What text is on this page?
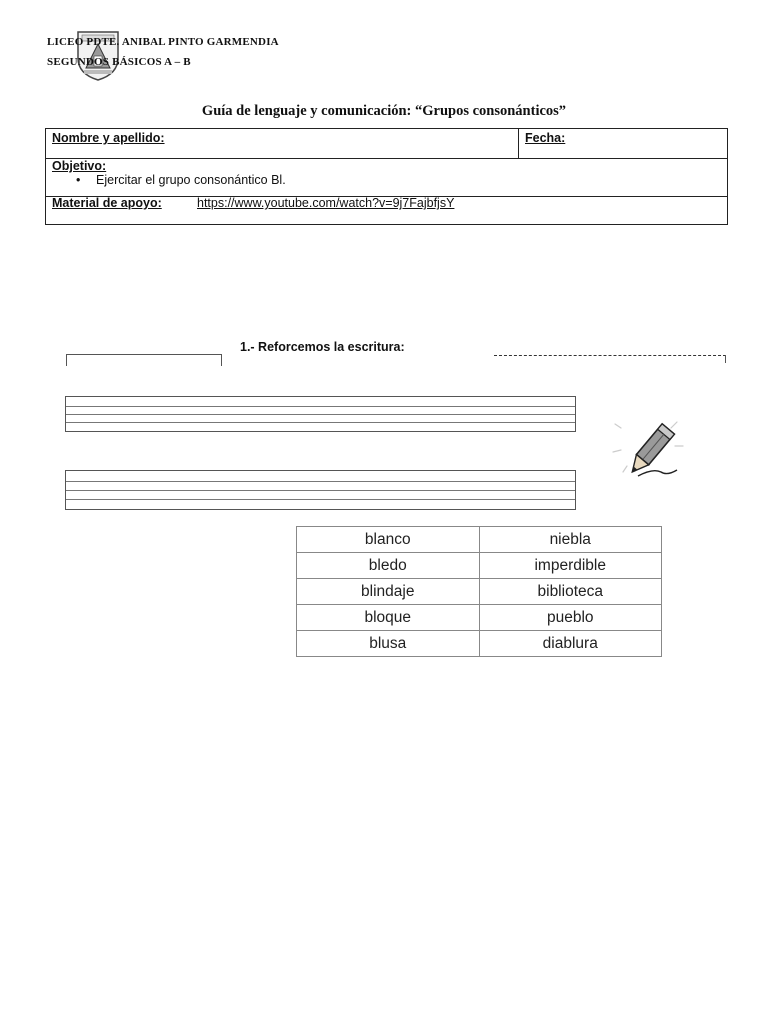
LICEO PDTE. ANIBAL PINTO GARMENDIA
SEGUNDOS BÁSICOS A – B
Guía de lenguaje y comunicación: “Grupos consonánticos”
Nombre y apellido:	Fecha:
Objetivo:
• Ejercitar el grupo consonántico Bl.
Material de apoyo:	https://www.youtube.com/watch?v=9j7FajbfjsY
1.- Reforcemos la escritura:
blanco	niebla
bledo	imperdible
blindaje	biblioteca
bloque	pueblo
blusa	diablura
